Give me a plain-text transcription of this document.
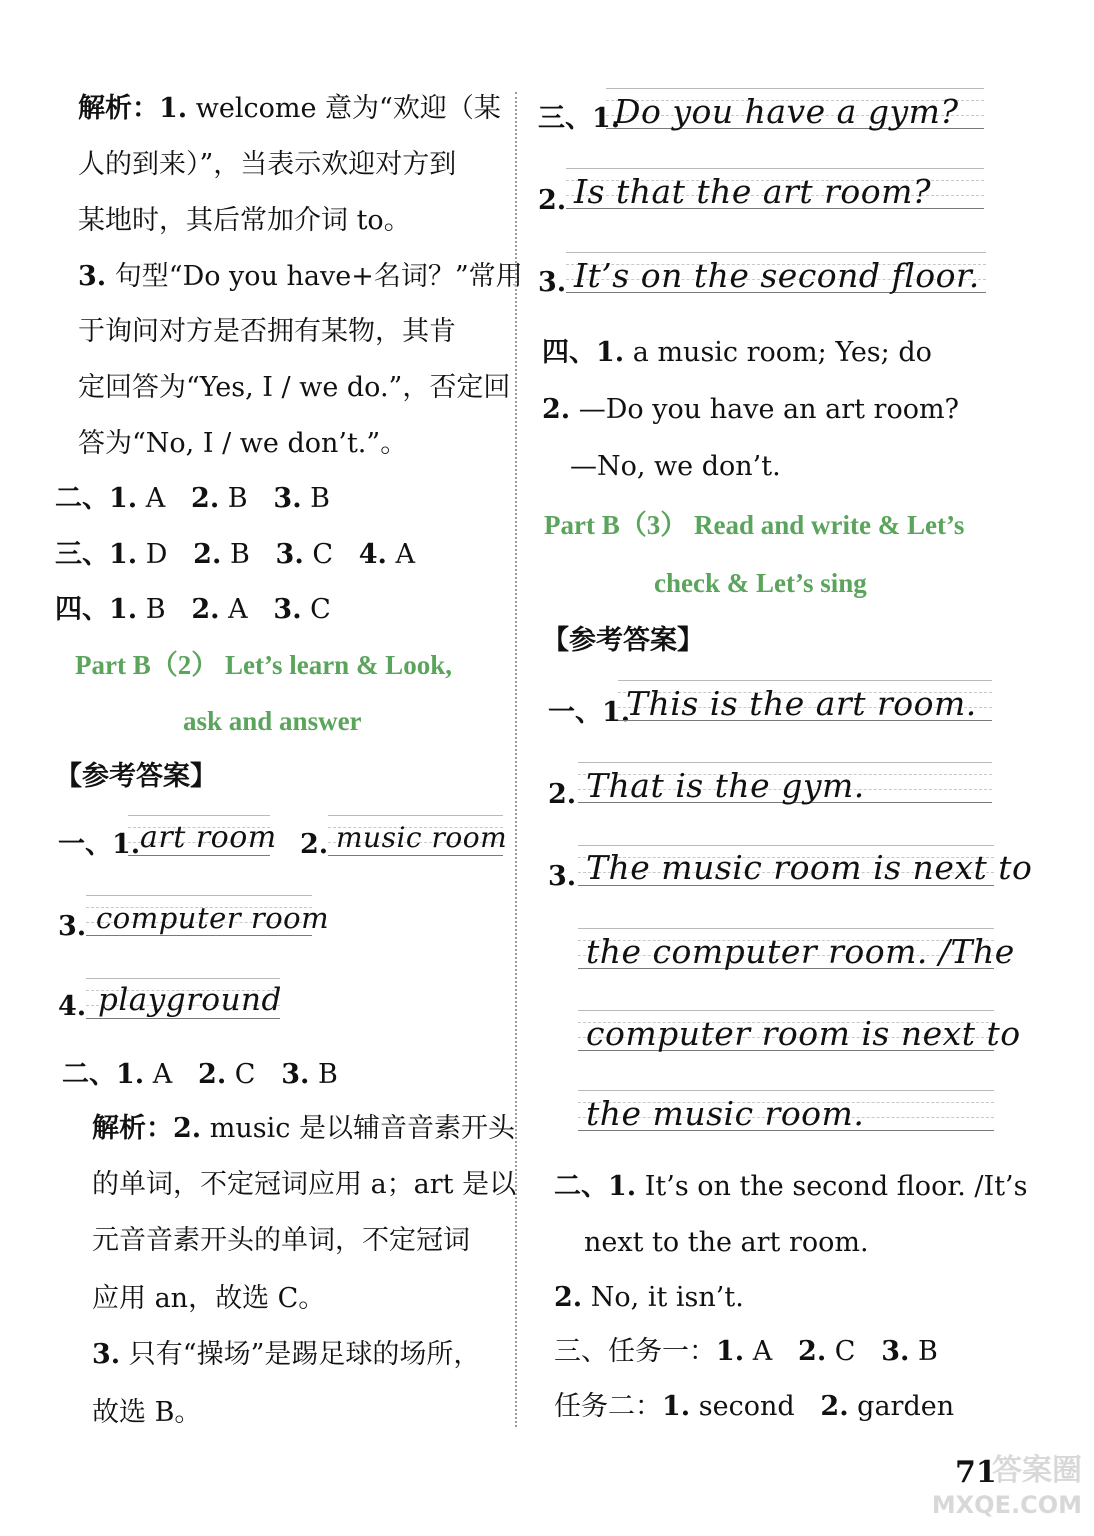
解析：1. welcome 意为“欢迎（某
人的到来）”，当表示欢迎对方到
某地时，其后常加介词 to。
3. 句型“Do you have+名词？”常用
于询问对方是否拥有某物，其肯
定回答为“Yes, I / we do.”，否定回
答为“No, I / we don’t.”。
二、1. A 2. B 3. B
三、1. D 2. B 3. C 4. A
四、1. B 2. A 3. C
Part B（2） Let’s learn & Look,
ask and answer
【参考答案】
一、1. art room 2. music room
3. computer room
4. playground
二、1. A 2. C 3. B
解析：2. music 是以辅音音素开头
的单词，不定冠词应用 a；art 是以
元音音素开头的单词，不定冠词
应用 an，故选 C。
3. 只有“操场”是踢足球的场所，
故选 B。
三、1.
Do you have a gym?
2. Is that the art room?
3. It’s on the second floor.
四、1. a music room; Yes; do
2. —Do you have an art room?
—No, we don’t.
Part B（3） Read and write & Let’s
check & Let’s sing
【参考答案】
一、1.
This is the art room.
2. That is the gym.
3. The music room is next to
the computer room. /The
computer room is next to
the music room.
二、1. It’s on the second floor. /It’s
next to the art room.
2. No, it isn’t.
三、任务一：1. A 2. C 3. B
任务二：1. second 2. garden
71
答案圈
MXQE.COM
